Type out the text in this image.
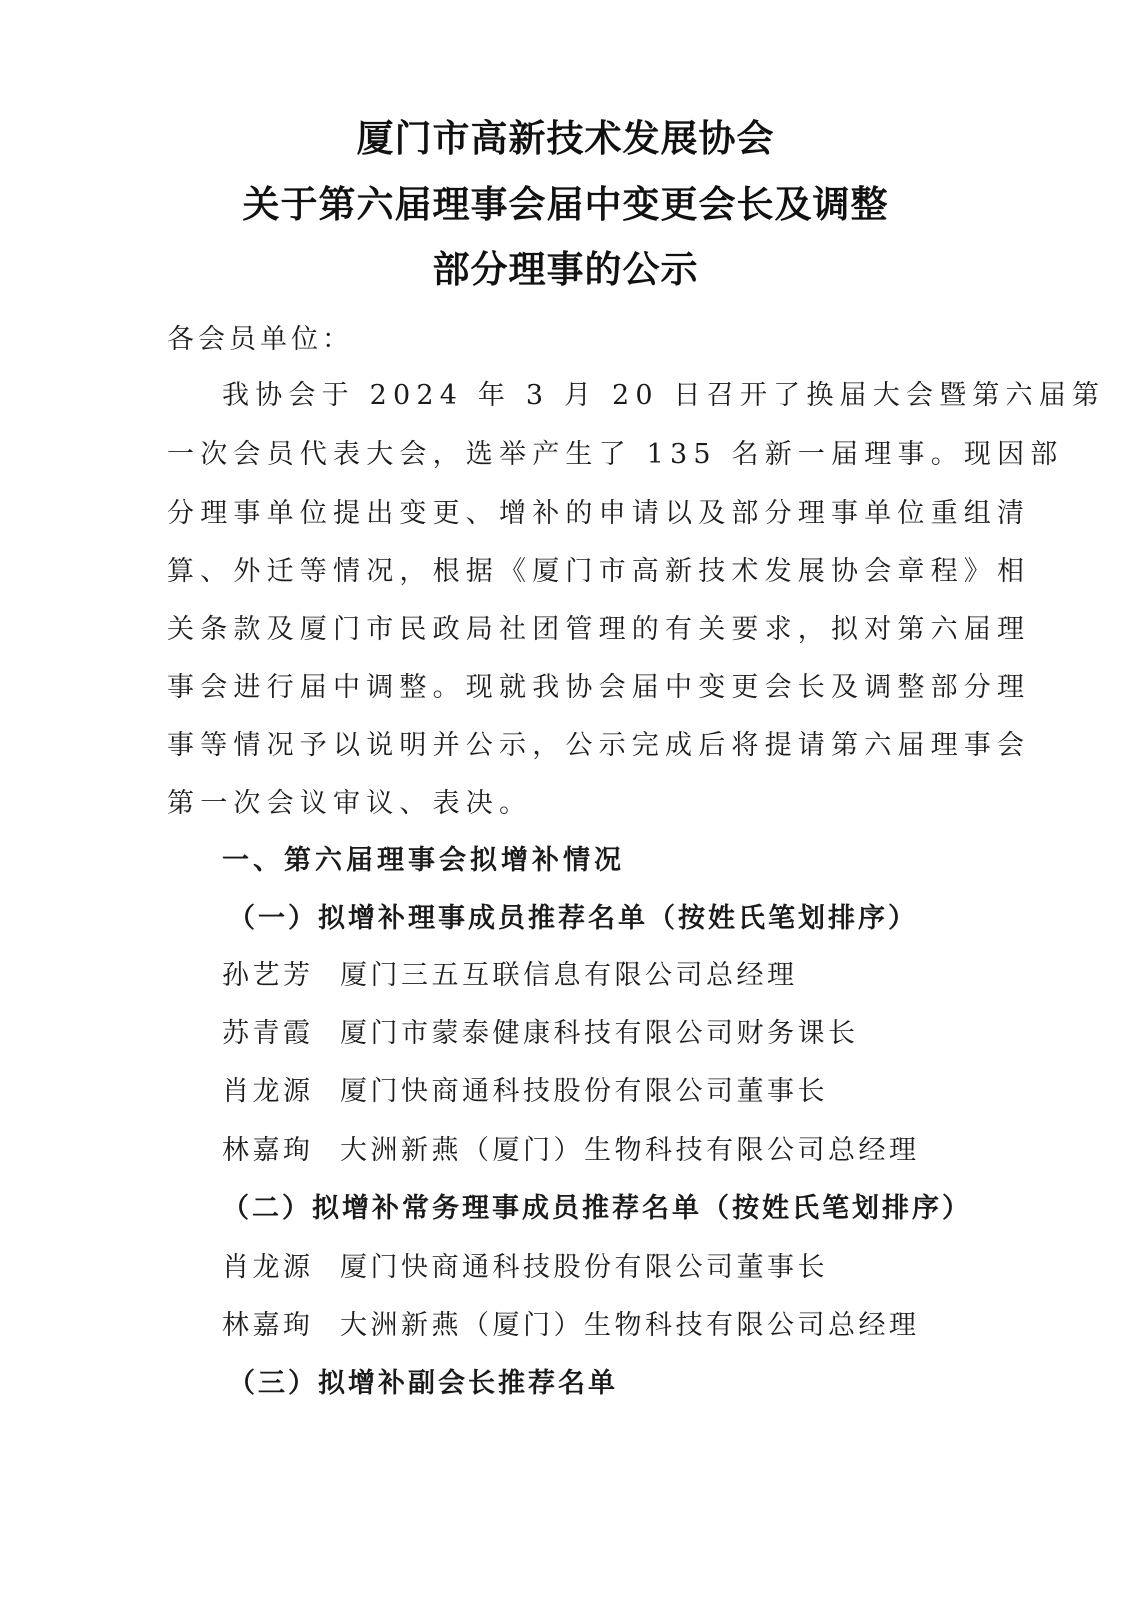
厦门市高新技术发展协会
关于第六届理事会届中变更会长及调整
部分理事的公示
各会员单位：
我协会于 2024 年 3 月 20 日召开了换届大会暨第六届第
一次会员代表大会，选举产生了 135 名新一届理事。现因部
分理事单位提出变更、增补的申请以及部分理事单位重组清
算、外迁等情况，根据《厦门市高新技术发展协会章程》相
关条款及厦门市民政局社团管理的有关要求，拟对第六届理
事会进行届中调整。现就我协会届中变更会长及调整部分理
事等情况予以说明并公示，公示完成后将提请第六届理事会
第一次会议审议、表决。
一、第六届理事会拟增补情况
（一）拟增补理事成员推荐名单（按姓氏笔划排序）
孙艺芳 厦门三五互联信息有限公司总经理
苏青霞 厦门市蒙泰健康科技有限公司财务课长
肖龙源 厦门快商通科技股份有限公司董事长
林嘉珣 大洲新燕（厦门）生物科技有限公司总经理
（二）拟增补常务理事成员推荐名单（按姓氏笔划排序）
肖龙源 厦门快商通科技股份有限公司董事长
林嘉珣 大洲新燕（厦门）生物科技有限公司总经理
（三）拟增补副会长推荐名单
